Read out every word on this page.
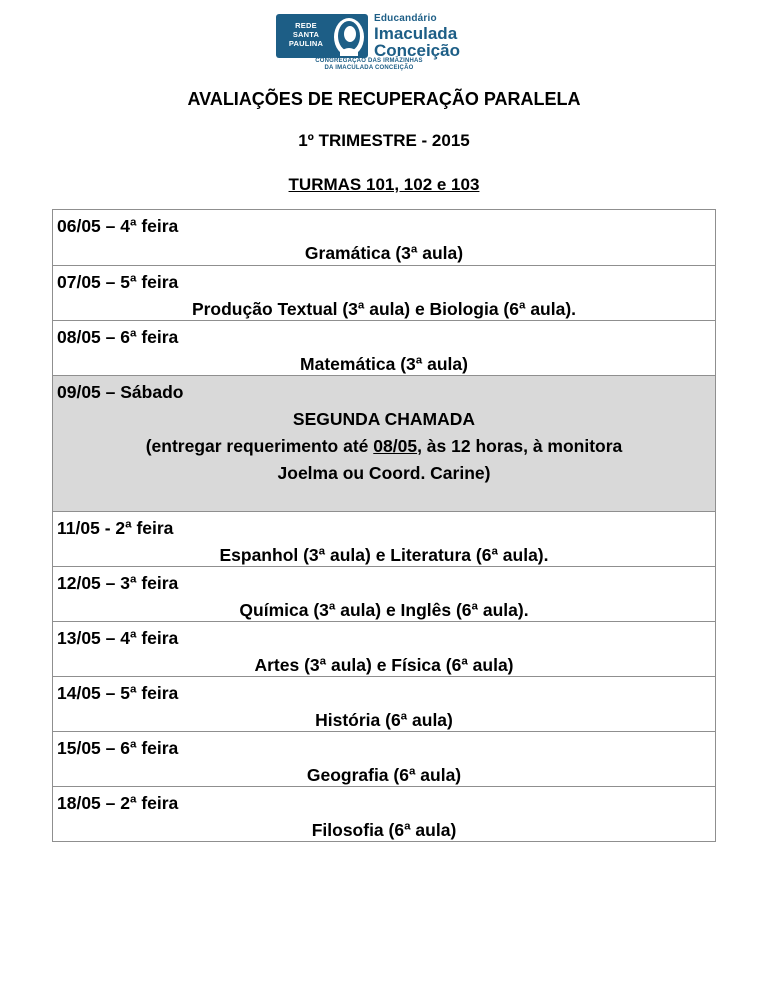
REDE
SANTA
PAULINA
Educandário
Imaculada
Conceição
CONGREGAÇÃO DAS IRMÃZINHAS
DA IMACULADA CONCEIÇÃO
AVALIAÇÕES DE RECUPERAÇÃO PARALELA
1º TRIMESTRE - 2015
TURMAS 101, 102 e 103
06/05 – 4ª feira
Gramática (3ª aula)
07/05 – 5ª feira
Produção Textual (3ª aula) e Biologia (6ª aula).
08/05 – 6ª feira
Matemática (3ª aula)
09/05 – Sábado
SEGUNDA CHAMADA
(entregar requerimento até 08/05, às 12 horas, à monitora
Joelma ou Coord. Carine)
11/05 - 2ª feira
Espanhol (3ª aula) e Literatura (6ª aula).
12/05 – 3ª feira
Química (3ª aula) e Inglês (6ª aula).
13/05 – 4ª feira
Artes (3ª aula) e Física (6ª aula)
14/05 – 5ª feira
História (6ª aula)
15/05 – 6ª feira
Geografia (6ª aula)
18/05 – 2ª feira
Filosofia (6ª aula)
